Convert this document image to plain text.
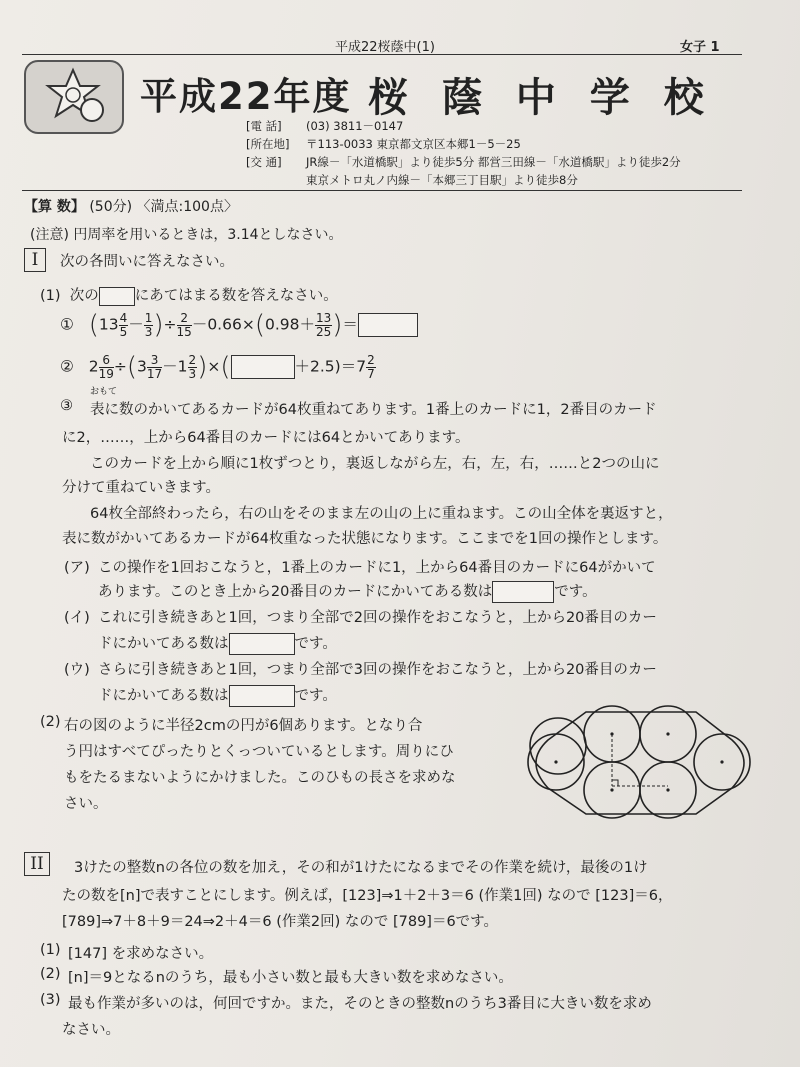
平成22桜蔭中(1)	女子 1
平成22年度 桜 蔭 中 学 校
[電 話] (03) 3811－0147
[所在地] 〒113-0033 東京都文京区本郷1－5－25
[交 通] JR線－「水道橋駅」より徒歩5分 都営三田線－「水道橋駅」より徒歩2分
東京メトロ丸ノ内線－「本郷三丁目駅」より徒歩8分
【算 数】 (50分) 〈満点:100点〉
(注意) 円周率を用いるときは，3.14としなさい。
I	次の各問いに答えなさい。
(1) 次の にあてはまる数を答えなさい。
① ($13 \frac{4}{5} - \frac{1}{3}$ )÷ $\frac{2}{15} -0.66\times(0.98+ \frac{13}{25}$ )＝
② $2 \frac{6}{19} \div(3 \frac{3}{17} -1 \frac{2}{3}$ )×(	$+2.5)=7 \frac{2}{7}$
おもて
③ 表に数のかいてあるカードが64枚重ねてあります。1番上のカードに1，2番目のカード
に2，……，上から64番目のカードには64とかいてあります。
このカードを上から順に1枚ずつとり，裏返しながら左，右，左，右，……と2つの山に
分けて重ねていきます。
64枚全部終わったら，右の山をそのまま左の山の上に重ねます。この山全体を裏返すと，
表に数がかいてあるカードが64枚重なった状態になります。ここまでを1回の操作とします。
(ア) この操作を1回おこなうと，1番上のカードに1，上から64番目のカードに64がかいて
あります。このとき上から20番目のカードにかいてある数は	です。
(イ) これに引き続きあと1回，つまり全部で2回の操作をおこなうと，上から20番目のカー
ドにかいてある数は	です。
(ウ) さらに引き続きあと1回，つまり全部で3回の操作をおこなうと，上から20番目のカー
ドにかいてある数は	です。
(2) 右の図のように半径2cmの円が6個あります。となり合
う円はすべてぴったりとくっついているとします。周りにひ
もをたるまないようにかけました。このひもの長さを求めな
さい。
II	3けたの整数nの各位の数を加え，その和が1けたになるまでその作業を続け，最後の1け
たの数を[n]で表すことにします。例えば，[123]⇒1＋2＋3＝6 (作業1回) なので [123]＝6，
[789]⇒7＋8＋9＝24⇒2＋4＝6 (作業2回) なので [789]＝6です。
(1) [147] を求めなさい。
(2) [n]＝9となるnのうち，最も小さい数と最も大きい数を求めなさい。
(3) 最も作業が多いのは，何回ですか。また，そのときの整数nのうち3番目に大きい数を求め
なさい。
